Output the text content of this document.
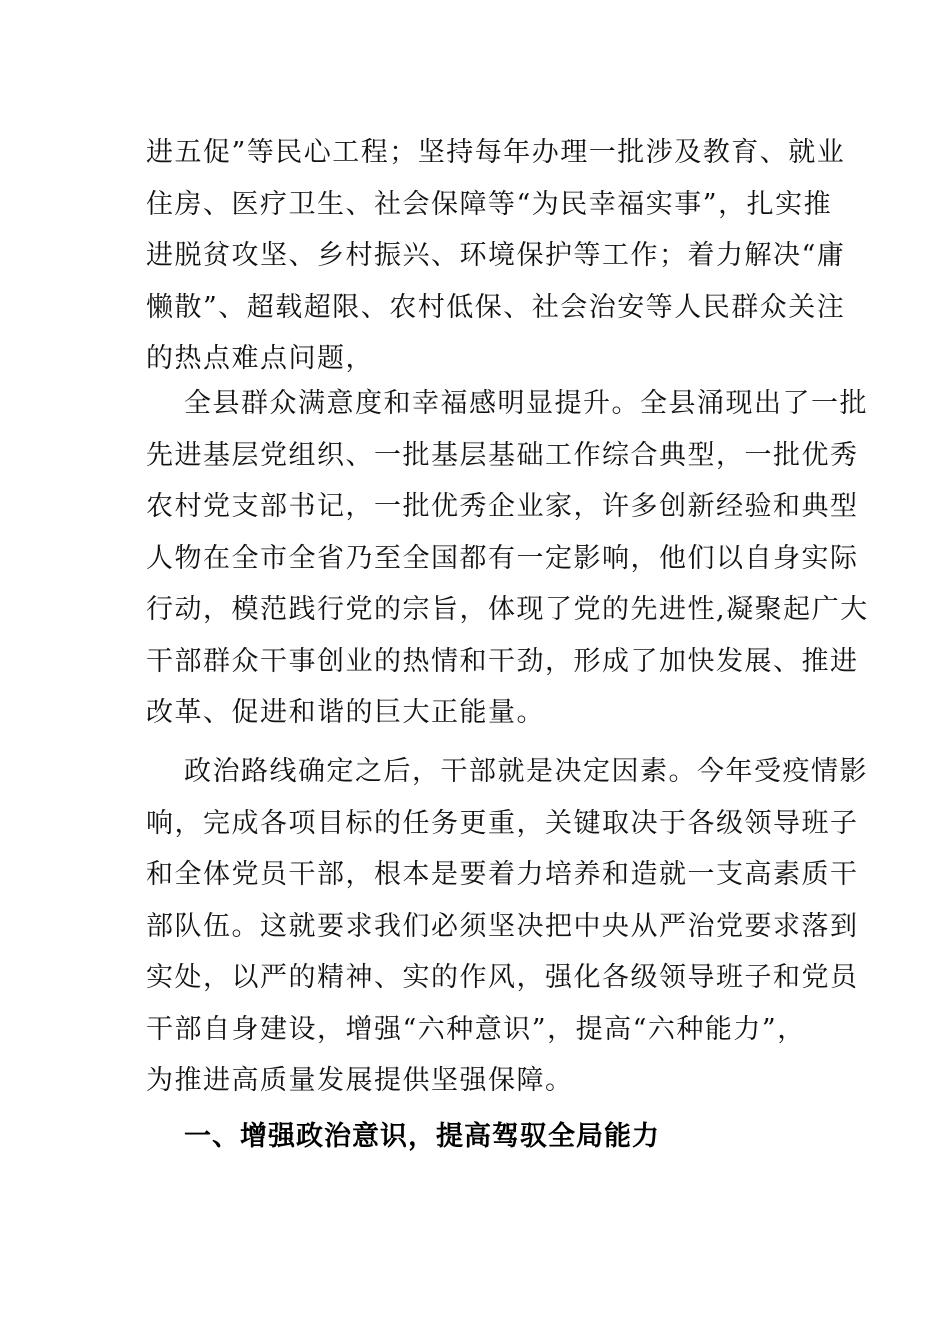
进五促”等民心工程；坚持每年办理一批涉及教育、就业
住房、医疗卫生、社会保障等“为民幸福实事”，扎实推
进脱贫攻坚、乡村振兴、环境保护等工作；着力解决“庸
懒散”、超载超限、农村低保、社会治安等人民群众关注
的热点难点问题，
全县群众满意度和幸福感明显提升。全县涌现出了一批
先进基层党组织、一批基层基础工作综合典型，一批优秀
农村党支部书记，一批优秀企业家，许多创新经验和典型
人物在全市全省乃至全国都有一定影响，他们以自身实际
行动，模范践行党的宗旨，体现了党的先进性,凝聚起广大
干部群众干事创业的热情和干劲，形成了加快发展、推进
改革、促进和谐的巨大正能量。
政治路线确定之后，干部就是决定因素。今年受疫情影
响，完成各项目标的任务更重，关键取决于各级领导班子
和全体党员干部，根本是要着力培养和造就一支高素质干
部队伍。这就要求我们必须坚决把中央从严治党要求落到
实处，以严的精神、实的作风，强化各级领导班子和党员
干部自身建设，增强“六种意识”，提高“六种能力”，
为推进高质量发展提供坚强保障。
一、增强政治意识，提高驾驭全局能力
